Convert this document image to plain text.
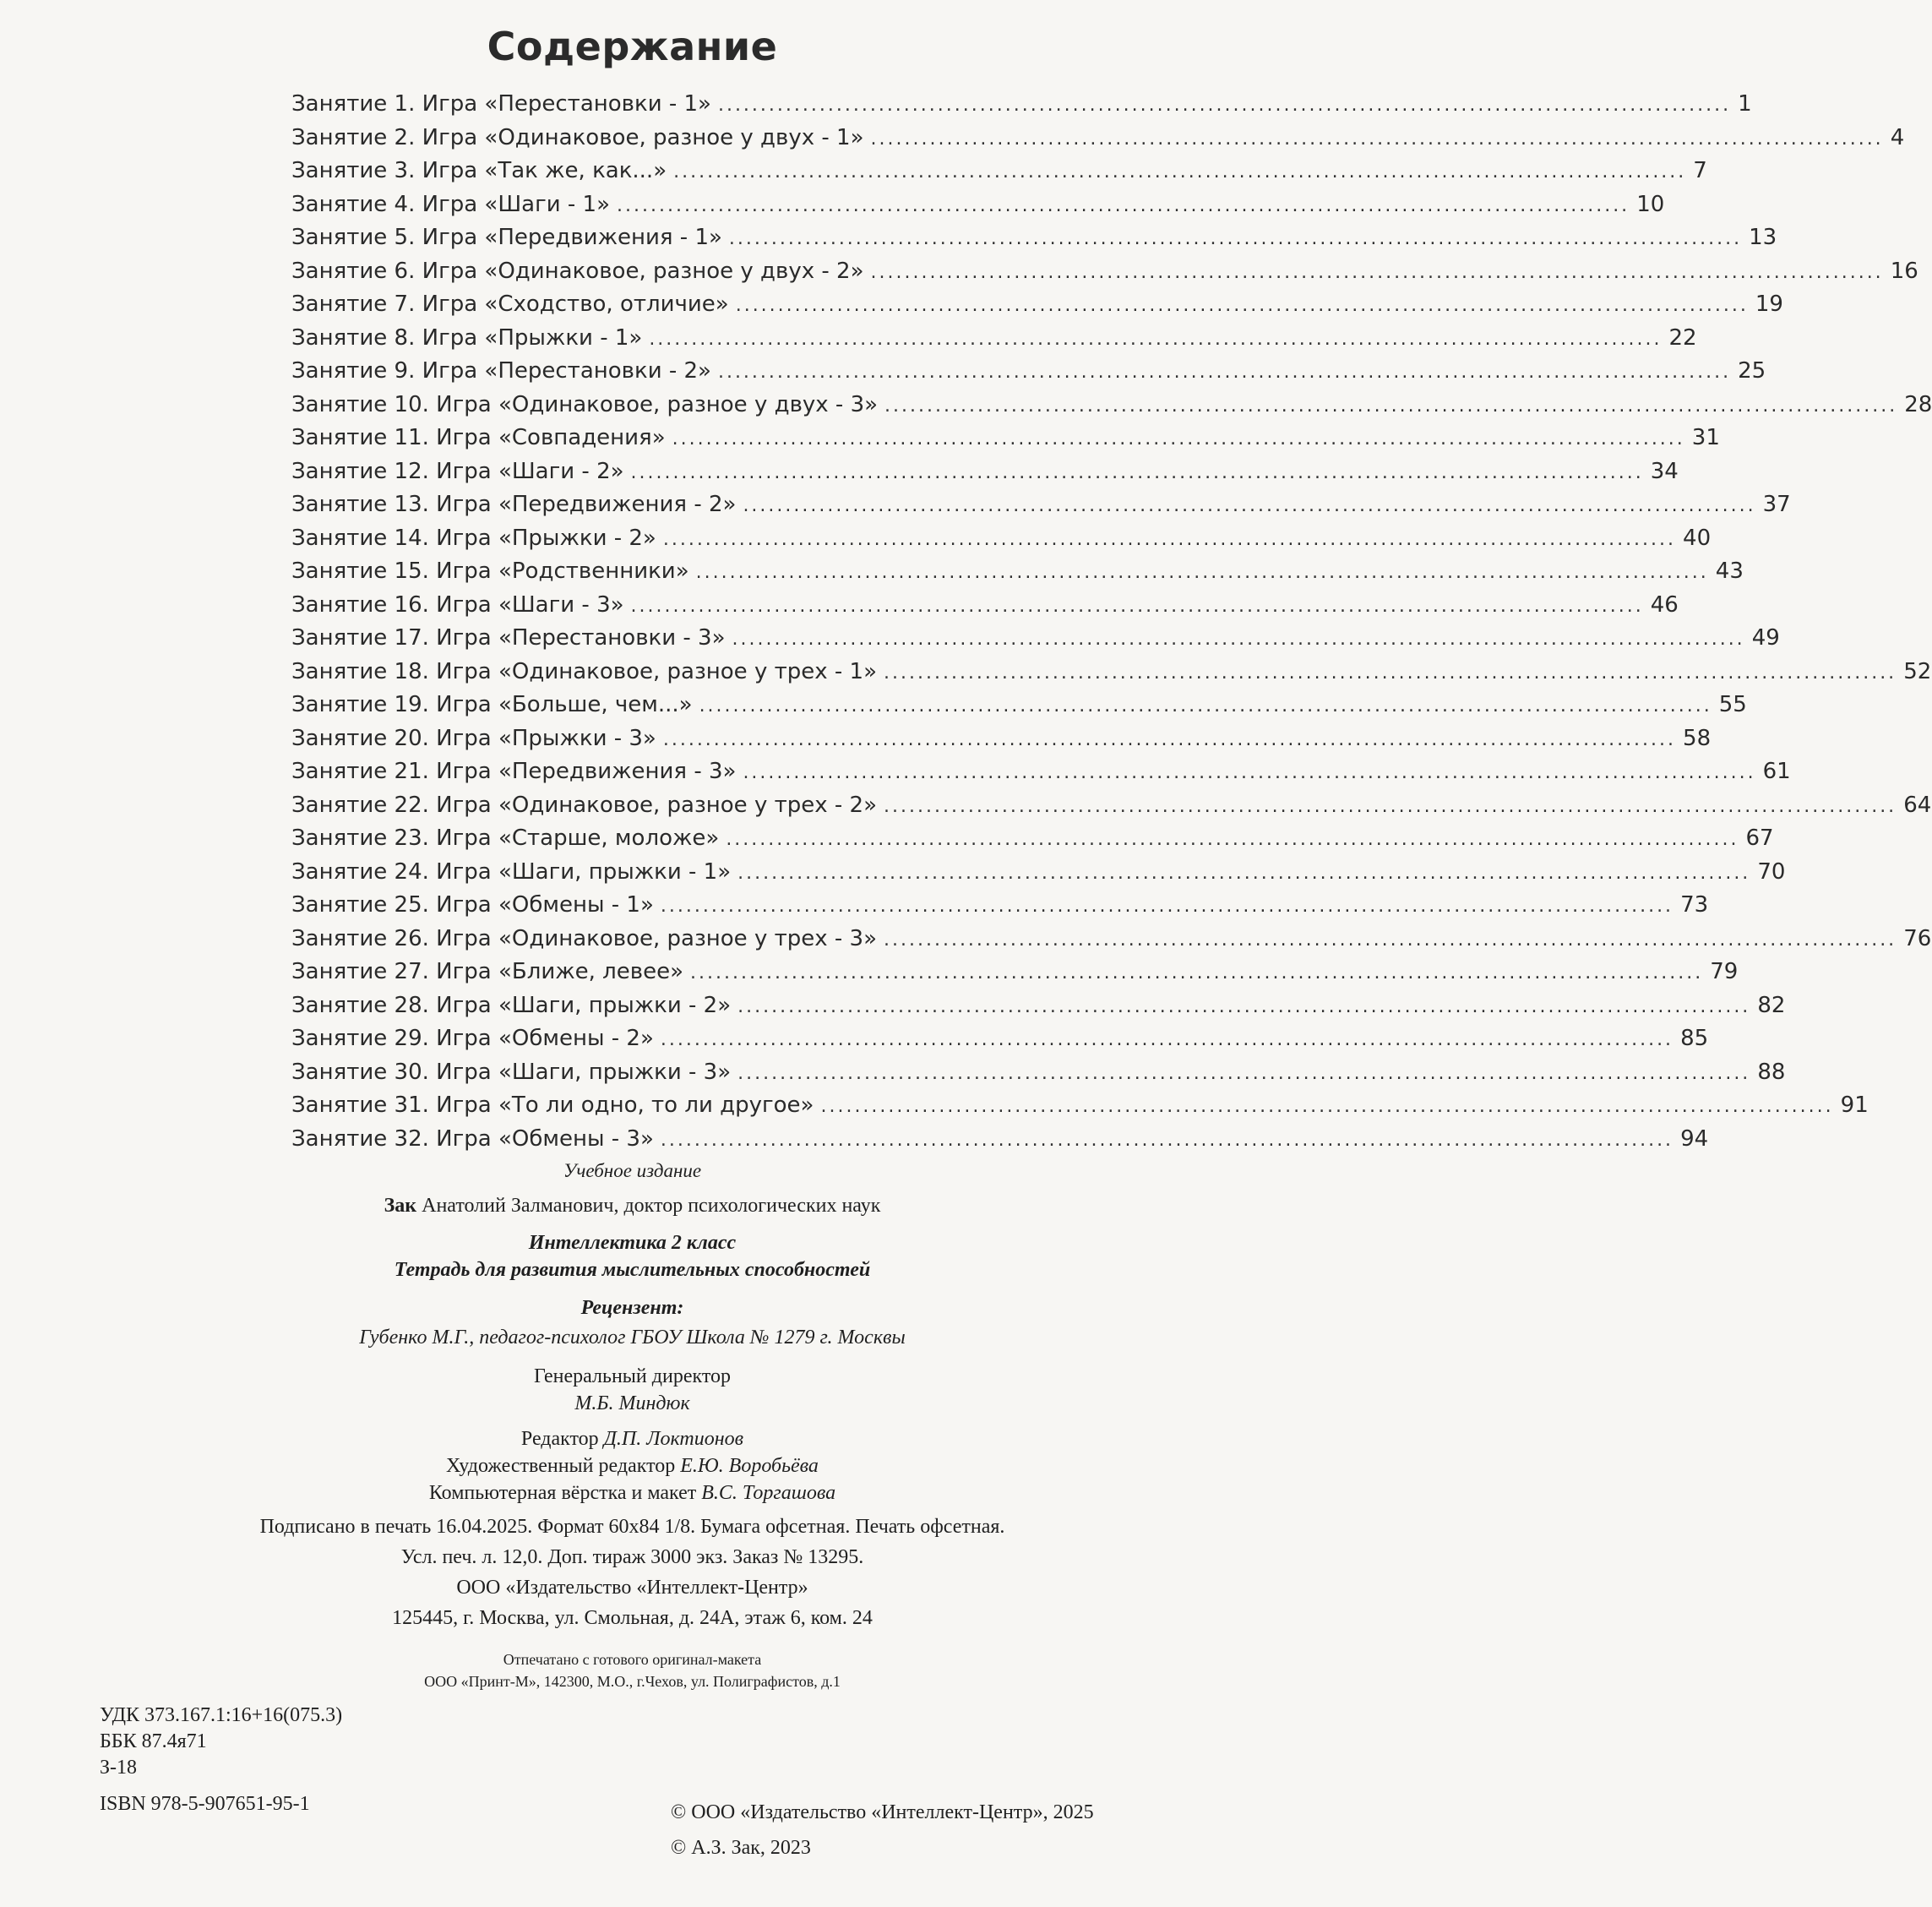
Содержание
Занятие 1. Игра «Перестановки - 1» ........................................................................................................................ 1
Занятие 2. Игра «Одинаковое, разное у двух - 1» ........................................................................................................................ 4
Занятие 3. Игра «Так же, как...» ........................................................................................................................ 7
Занятие 4. Игра «Шаги - 1» ........................................................................................................................ 10
Занятие 5. Игра «Передвижения - 1» ........................................................................................................................ 13
Занятие 6. Игра «Одинаковое, разное у двух - 2» ........................................................................................................................ 16
Занятие 7. Игра «Сходство, отличие» ........................................................................................................................ 19
Занятие 8. Игра «Прыжки - 1» ........................................................................................................................ 22
Занятие 9. Игра «Перестановки - 2» ........................................................................................................................ 25
Занятие 10. Игра «Одинаковое, разное у двух - 3» ........................................................................................................................ 28
Занятие 11. Игра «Совпадения» ........................................................................................................................ 31
Занятие 12. Игра «Шаги - 2» ........................................................................................................................ 34
Занятие 13. Игра «Передвижения - 2» ........................................................................................................................ 37
Занятие 14. Игра «Прыжки - 2» ........................................................................................................................ 40
Занятие 15. Игра «Родственники» ........................................................................................................................ 43
Занятие 16. Игра «Шаги - 3» ........................................................................................................................ 46
Занятие 17. Игра «Перестановки - 3» ........................................................................................................................ 49
Занятие 18. Игра «Одинаковое, разное у трех - 1» ........................................................................................................................ 52
Занятие 19. Игра «Больше, чем...» ........................................................................................................................ 55
Занятие 20. Игра «Прыжки - 3» ........................................................................................................................ 58
Занятие 21. Игра «Передвижения - 3» ........................................................................................................................ 61
Занятие 22. Игра «Одинаковое, разное у трех - 2» ........................................................................................................................ 64
Занятие 23. Игра «Старше, моложе» ........................................................................................................................ 67
Занятие 24. Игра «Шаги, прыжки - 1» ........................................................................................................................ 70
Занятие 25. Игра «Обмены - 1» ........................................................................................................................ 73
Занятие 26. Игра «Одинаковое, разное у трех - 3» ........................................................................................................................ 76
Занятие 27. Игра «Ближе, левее» ........................................................................................................................ 79
Занятие 28. Игра «Шаги, прыжки - 2» ........................................................................................................................ 82
Занятие 29. Игра «Обмены - 2» ........................................................................................................................ 85
Занятие 30. Игра «Шаги, прыжки - 3» ........................................................................................................................ 88
Занятие 31. Игра «То ли одно, то ли другое» ........................................................................................................................ 91
Занятие 32. Игра «Обмены - 3» ........................................................................................................................ 94

Учебное издание

Зак Анатолий Залманович, доктор психологических наук

Интеллектика 2 класс

Тетрадь для развития мыслительных способностей

Рецензент:

Губенко М.Г., педагог-психолог ГБОУ Школа № 1279 г. Москвы

Генеральный директор

М.Б. Миндюк

Редактор Д.П. Локтионов

Художественный редактор Е.Ю. Воробьёва

Компьютерная вёрстка и макет В.С. Торгашова

Подписано в печать 16.04.2025. Формат 60x84 1/8. Бумага офсетная. Печать офсетная.

Усл. печ. л. 12,0. Доп. тираж 3000 экз. Заказ № 13295.

ООО «Издательство «Интеллект-Центр»

125445, г. Москва, ул. Смольная, д. 24А, этаж 6, ком. 24

Отпечатано с готового оригинал-макета

ООО «Принт-М», 142300, М.О., г.Чехов, ул. Полиграфистов, д.1

УДК 373.167.1:16+16(075.3)

ББК 87.4я71

З-18

ISBN 978-5-907651-95-1	© ООО «Издательство «Интеллект-Центр», 2025

© А.З. Зак, 2023
